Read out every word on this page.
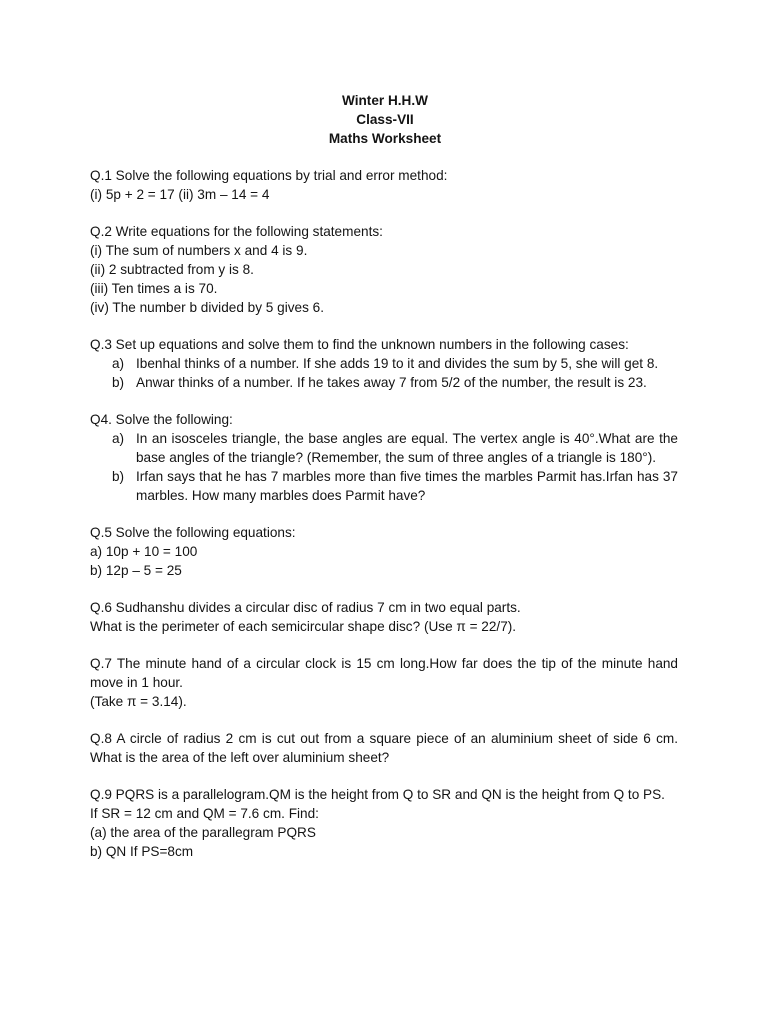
Winter H.H.W
Class-VII
Maths Worksheet
Q.1 Solve the following equations by trial and error method:
(i) 5p + 2 = 17 (ii) 3m – 14 = 4
Q.2 Write equations for the following statements:
(i) The sum of numbers x and 4 is 9.
(ii) 2 subtracted from y is 8.
(iii) Ten times a is 70.
(iv) The number b divided by 5 gives 6.
Q.3 Set up equations and solve them to find the unknown numbers in the following cases:
a) Ibenhal thinks of a number. If she adds 19 to it and divides the sum by 5, she will get 8.
b) Anwar thinks of a number. If he takes away 7 from 5/2 of the number, the result is 23.
Q4. Solve the following:
a) In an isosceles triangle, the base angles are equal. The vertex angle is 40°.What are the base angles of the triangle? (Remember, the sum of three angles of a triangle is 180°).
b) Irfan says that he has 7 marbles more than five times the marbles Parmit has.Irfan has 37 marbles. How many marbles does Parmit have?
Q.5 Solve the following equations:
a) 10p + 10 = 100
b) 12p – 5 = 25
Q.6 Sudhanshu divides a circular disc of radius 7 cm in two equal parts.
What is the perimeter of each semicircular shape disc? (Use π = 22/7).
Q.7 The minute hand of a circular clock is 15 cm long.How far does the tip of the minute hand move in 1 hour.
(Take π = 3.14).
Q.8 A circle of radius 2 cm is cut out from a square piece of an aluminium sheet of side 6 cm. What is the area of the left over aluminium sheet?
Q.9 PQRS is a parallelogram.QM is the height from Q to SR and QN is the height from Q to PS.
If SR = 12 cm and QM = 7.6 cm. Find:
(a) the area of the parallegram PQRS
b) QN If PS=8cm
